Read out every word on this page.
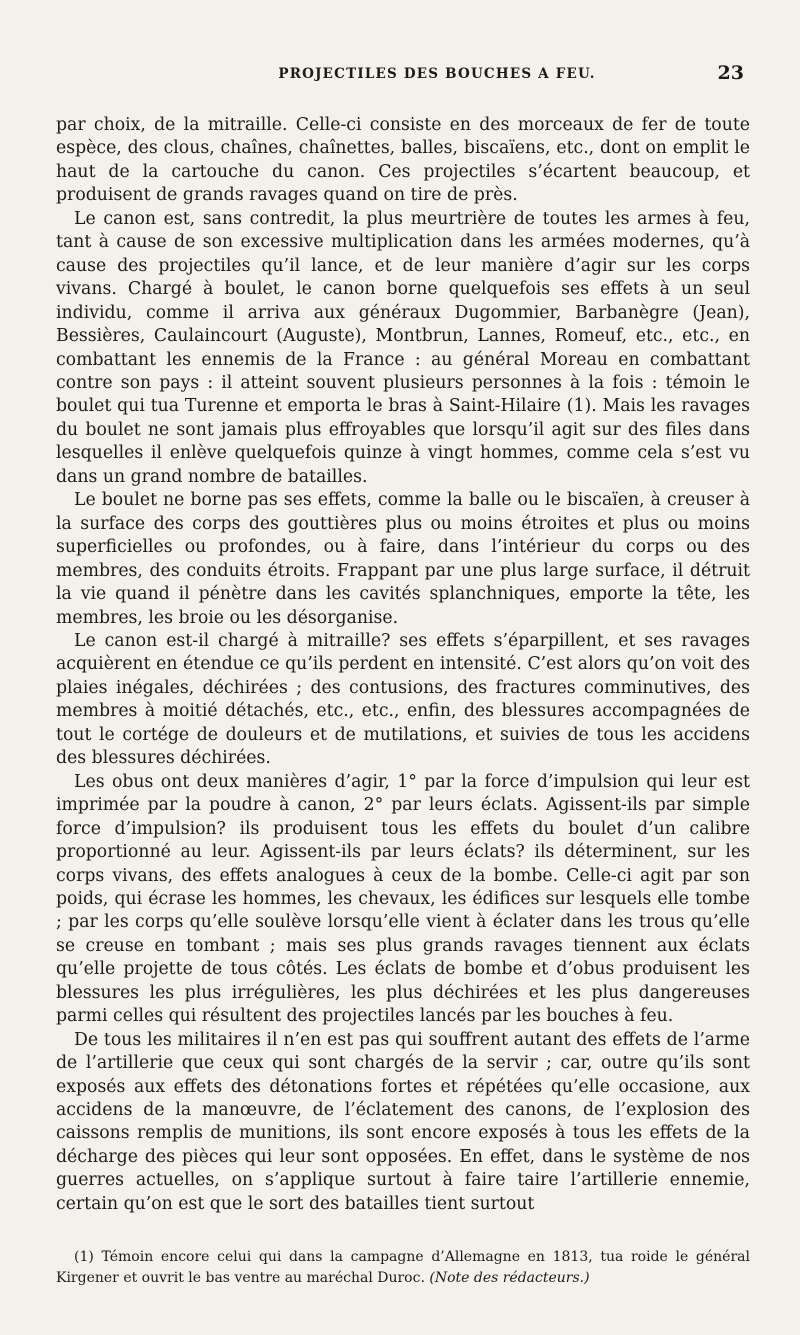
PROJECTILES DES BOUCHES A FEU.	23

par choix, de la mitraille. Celle-ci consiste en des morceaux de fer de toute espèce, des clous, chaînes, chaînettes, balles, biscaïens, etc., dont on emplit le haut de la cartouche du canon. Ces projectiles s’écartent beaucoup, et produisent de grands ravages quand on tire de près.

Le canon est, sans contredit, la plus meurtrière de toutes les armes à feu, tant à cause de son excessive multiplication dans les armées modernes, qu’à cause des projectiles qu’il lance, et de leur manière d’agir sur les corps vivans. Chargé à boulet, le canon borne quelquefois ses effets à un seul individu, comme il arriva aux généraux Dugommier, Barbanègre (Jean), Bessières, Caulaincourt (Auguste), Montbrun, Lannes, Romeuf, etc., etc., en combattant les ennemis de la France : au général Moreau en combattant contre son pays : il atteint souvent plusieurs personnes à la fois : témoin le boulet qui tua Turenne et emporta le bras à Saint-Hilaire (1). Mais les ravages du boulet ne sont jamais plus effroyables que lorsqu’il agit sur des files dans lesquelles il enlève quelquefois quinze à vingt hommes, comme cela s’est vu dans un grand nombre de batailles.

Le boulet ne borne pas ses effets, comme la balle ou le biscaïen, à creuser à la surface des corps des gouttières plus ou moins étroites et plus ou moins superficielles ou profondes, ou à faire, dans l’intérieur du corps ou des membres, des conduits étroits. Frappant par une plus large surface, il détruit la vie quand il pénètre dans les cavités splanchniques, emporte la tête, les membres, les broie ou les désorganise.

Le canon est-il chargé à mitraille? ses effets s’éparpillent, et ses ravages acquièrent en étendue ce qu’ils perdent en intensité. C’est alors qu’on voit des plaies inégales, déchirées ; des contusions, des fractures comminutives, des membres à moitié détachés, etc., etc., enfin, des blessures accompagnées de tout le cortége de douleurs et de mutilations, et suivies de tous les accidens des blessures déchirées.

Les obus ont deux manières d’agir, 1° par la force d’impulsion qui leur est imprimée par la poudre à canon, 2° par leurs éclats. Agissent-ils par simple force d’impulsion? ils produisent tous les effets du boulet d’un calibre proportionné au leur. Agissent-ils par leurs éclats? ils déterminent, sur les corps vivans, des effets analogues à ceux de la bombe. Celle-ci agit par son poids, qui écrase les hommes, les chevaux, les édifices sur lesquels elle tombe ; par les corps qu’elle soulève lorsqu’elle vient à éclater dans les trous qu’elle se creuse en tombant ; mais ses plus grands ravages tiennent aux éclats qu’elle projette de tous côtés. Les éclats de bombe et d’obus produisent les blessures les plus irrégulières, les plus déchirées et les plus dangereuses parmi celles qui résultent des projectiles lancés par les bouches à feu.

De tous les militaires il n’en est pas qui souffrent autant des effets de l’arme de l’artillerie que ceux qui sont chargés de la servir ; car, outre qu’ils sont exposés aux effets des détonations fortes et répétées qu’elle occasione, aux accidens de la manœuvre, de l’éclatement des canons, de l’explosion des caissons remplis de munitions, ils sont encore exposés à tous les effets de la décharge des pièces qui leur sont opposées. En effet, dans le système de nos guerres actuelles, on s’applique surtout à faire taire l’artillerie ennemie, certain qu’on est que le sort des batailles tient surtout

(1) Témoin encore celui qui dans la campagne d’Allemagne en 1813, tua roide le général Kirgener et ouvrit le bas ventre au maréchal Duroc. (Note des rédacteurs.)
